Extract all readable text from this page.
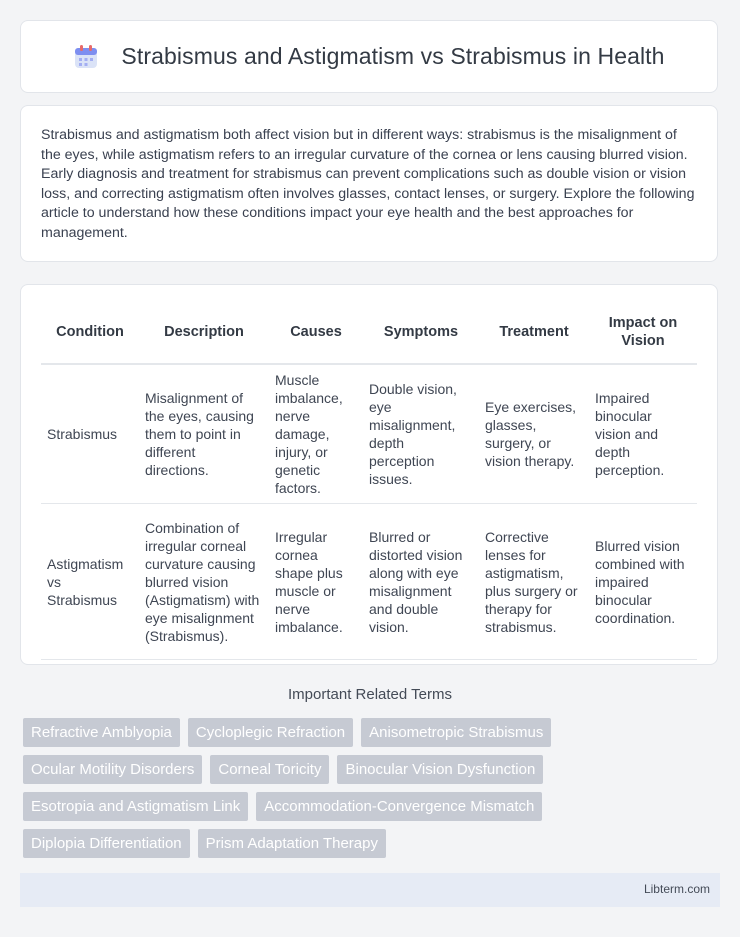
Strabismus and Astigmatism vs Strabismus in Health

Strabismus and astigmatism both affect vision but in different ways: strabismus is the misalignment of the eyes, while astigmatism refers to an irregular curvature of the cornea or lens causing blurred vision. Early diagnosis and treatment for strabismus can prevent complications such as double vision or vision loss, and correcting astigmatism often involves glasses, contact lenses, or surgery. Explore the following article to understand how these conditions impact your eye health and the best approaches for management.

Condition	Description	Causes	Symptoms	Treatment	Impact on Vision
Strabismus	Misalignment of the eyes, causing them to point in different directions.	Muscle imbalance, nerve damage, injury, or genetic factors.	Double vision, eye misalignment, depth perception issues.	Eye exercises, glasses, surgery, or vision therapy.	Impaired binocular vision and depth perception.
Astigmatism vs Strabismus	Combination of irregular corneal curvature causing blurred vision (Astigmatism) with eye misalignment (Strabismus).	Irregular cornea shape plus muscle or nerve imbalance.	Blurred or distorted vision along with eye misalignment and double vision.	Corrective lenses for astigmatism, plus surgery or therapy for strabismus.	Blurred vision combined with impaired binocular coordination.
Important Related Terms
Refractive Amblyopia	Cycloplegic Refraction	Anisometropic Strabismus
Ocular Motility Disorders	Corneal Toricity	Binocular Vision Dysfunction
Esotropia and Astigmatism Link	Accommodation-Convergence Mismatch
Diplopia Differentiation	Prism Adaptation Therapy
Libterm.com
